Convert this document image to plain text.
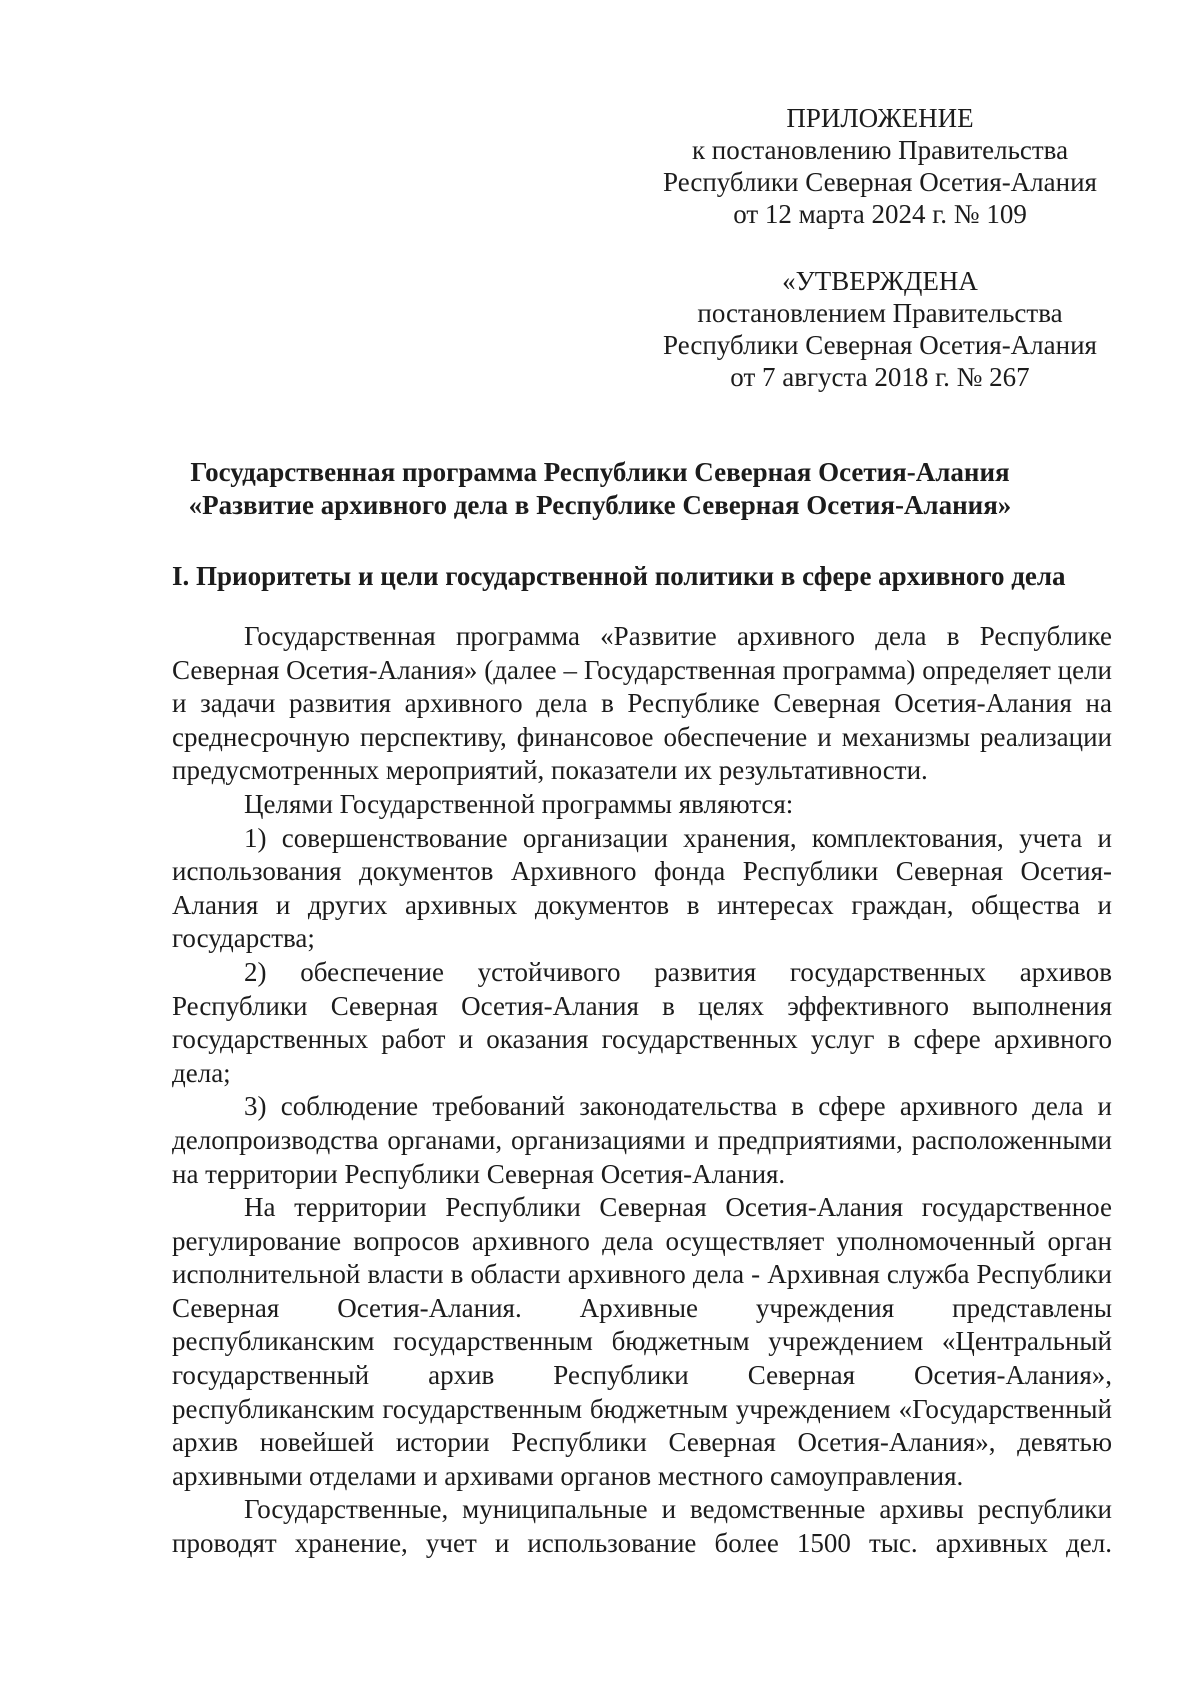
ПРИЛОЖЕНИЕ
к постановлению Правительства
Республики Северная Осетия-Алания
от 12 марта 2024 г. № 109
«УТВЕРЖДЕНА
постановлением Правительства
Республики Северная Осетия-Алания
от 7 августа 2018 г. № 267
Государственная программа Республики Северная Осетия-Алания
«Развитие архивного дела в Республике Северная Осетия-Алания»
I. Приоритеты и цели государственной политики в сфере архивного дела

Государственная программа «Развитие архивного дела в Республике Северная Осетия-Алания» (далее – Государственная программа) определяет цели и задачи развития архивного дела в Республике Северная Осетия-Алания на среднесрочную перспективу, финансовое обеспечение и механизмы реализации предусмотренных мероприятий, показатели их результативности.

Целями Государственной программы являются:

1) совершенствование организации хранения, комплектования, учета и использования документов Архивного фонда Республики Северная Осетия-Алания и других архивных документов в интересах граждан, общества и государства;

2) обеспечение устойчивого развития государственных архивов Республики Северная Осетия-Алания в целях эффективного выполнения государственных работ и оказания государственных услуг в сфере архивного дела;

3) соблюдение требований законодательства в сфере архивного дела и делопроизводства органами, организациями и предприятиями, расположенными на территории Республики Северная Осетия-Алания.

На территории Республики Северная Осетия-Алания государственное регулирование вопросов архивного дела осуществляет уполномоченный орган исполнительной власти в области архивного дела - Архивная служба Республики Северная Осетия-Алания. Архивные учреждения представлены республиканским государственным бюджетным учреждением «Центральный государственный архив Республики Северная Осетия-Алания», республиканским государственным бюджетным учреждением «Государственный архив новейшей истории Республики Северная Осетия-Алания», девятью архивными отделами и архивами органов местного самоуправления.

Государственные, муниципальные и ведомственные архивы республики проводят хранение, учет и использование более 1500 тыс. архивных дел.
